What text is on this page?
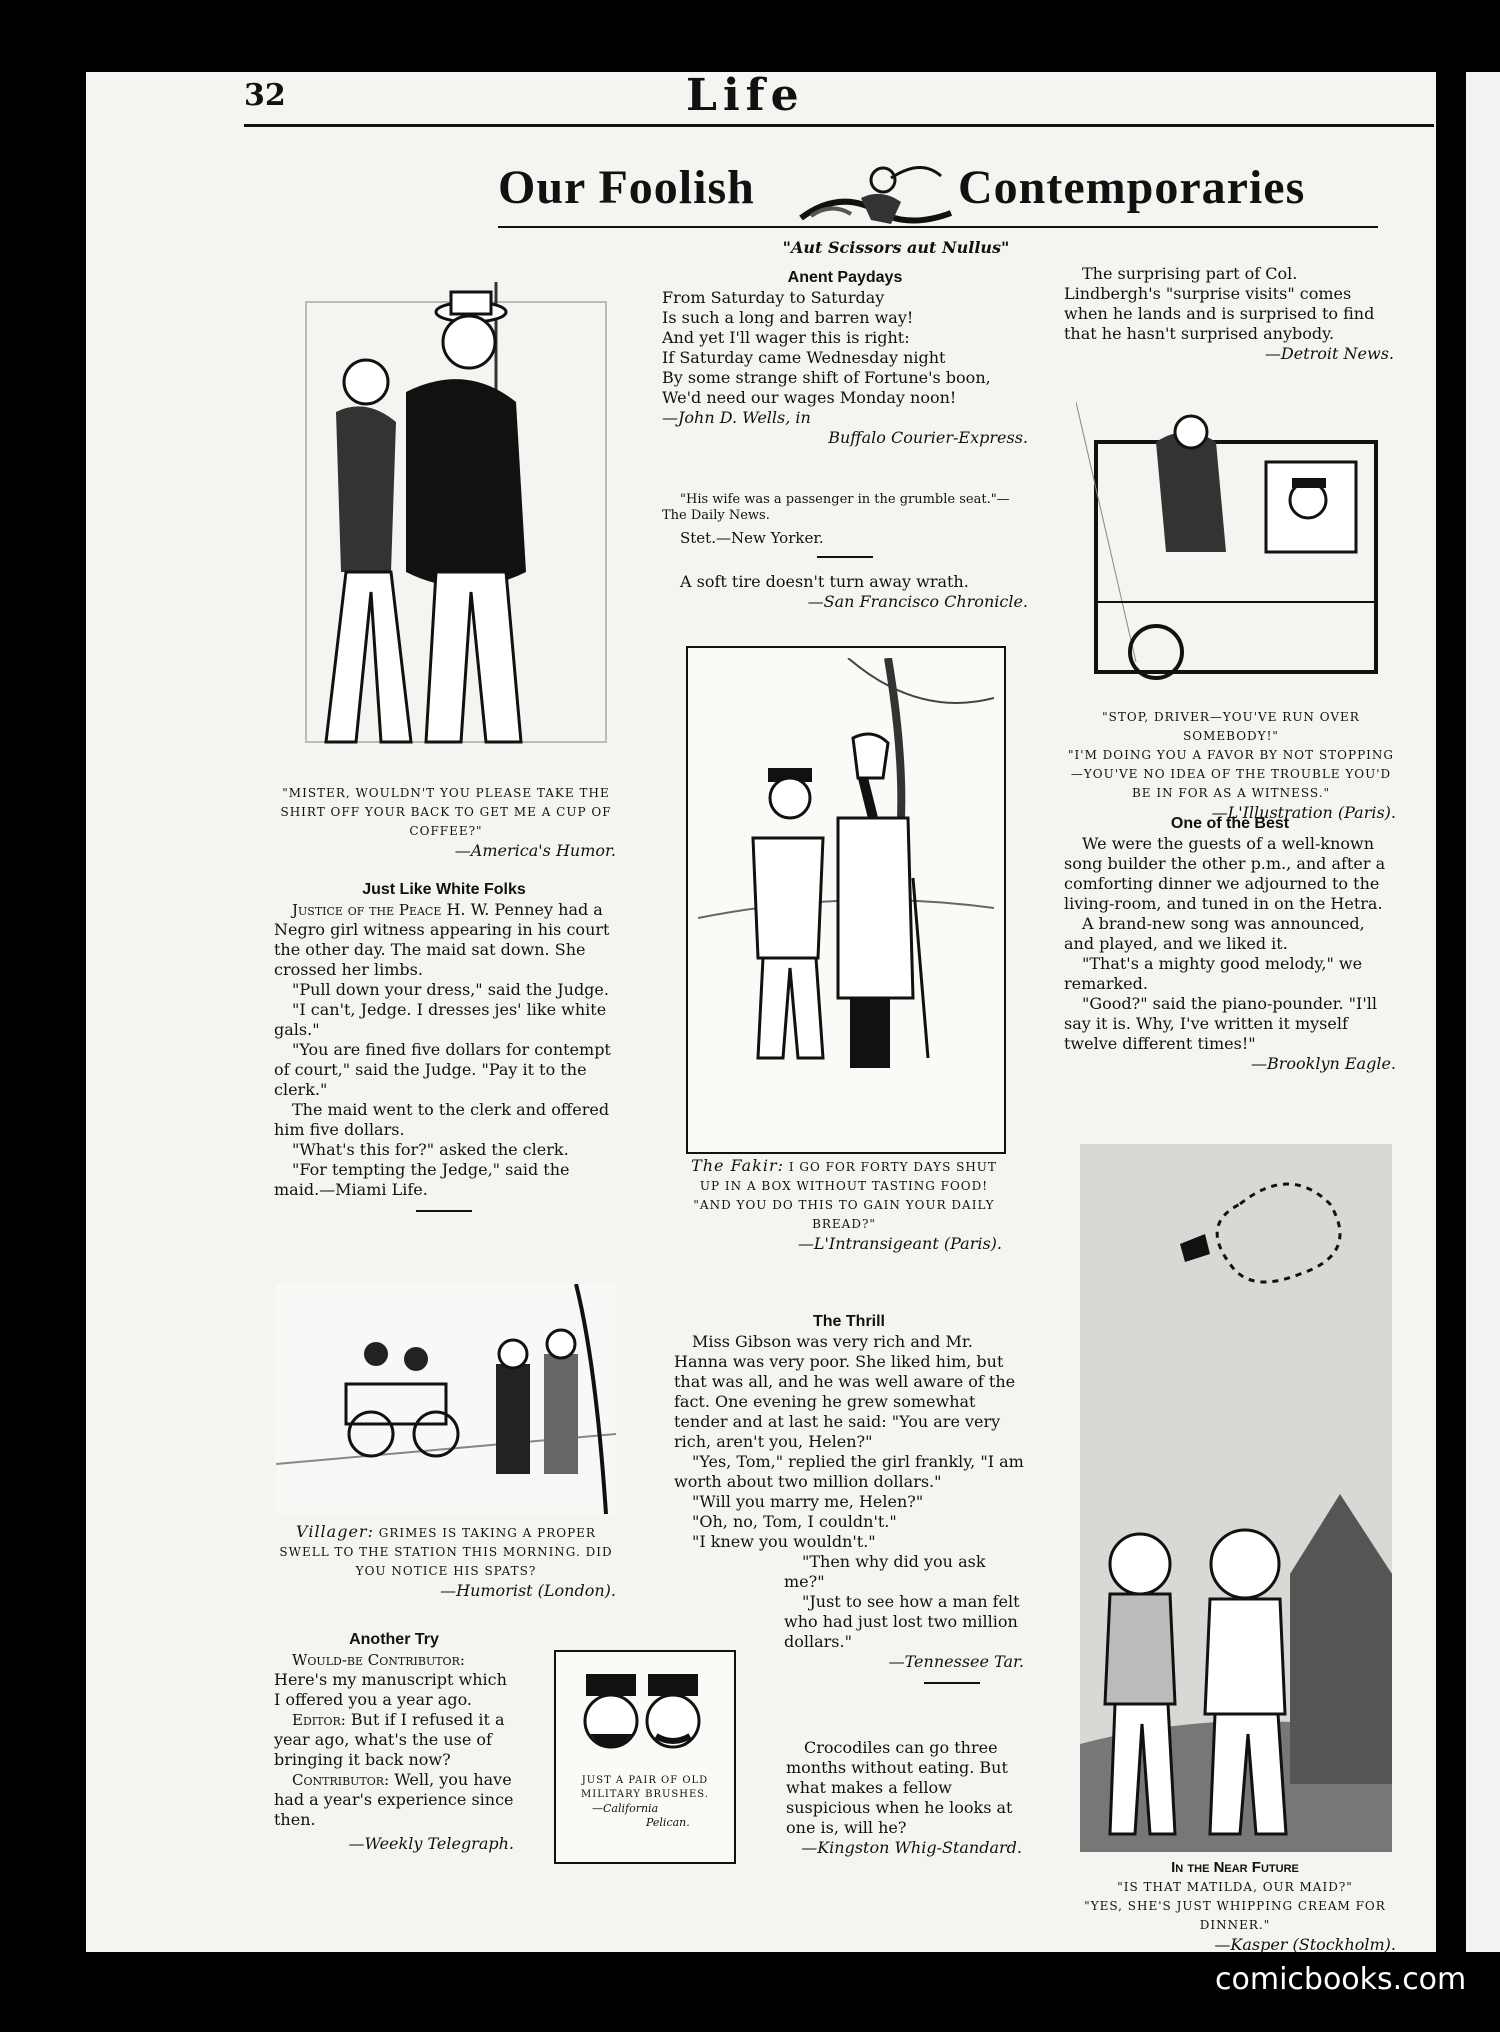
32	Life
Our Foolish	Contemporaries
"Aut Scissors aut Nullus"

"MISTER, WOULDN'T YOU PLEASE TAKE THE SHIRT OFF YOUR BACK TO GET ME A CUP OF COFFEE?"

—America's Humor.

Just Like White Folks

Justice of the Peace H. W. Penney had a Negro girl witness appearing in his court the other day. The maid sat down. She crossed her limbs.

"Pull down your dress," said the Judge.

"I can't, Jedge. I dresses jes' like white gals."

"You are fined five dollars for contempt of court," said the Judge. "Pay it to the clerk."

The maid went to the clerk and offered him five dollars.

"What's this for?" asked the clerk.

"For tempting the Jedge," said the maid.—Miami Life.

Villager: GRIMES IS TAKING A PROPER SWELL TO THE STATION THIS MORNING. DID YOU NOTICE HIS SPATS?

—Humorist (London).

Another Try

Would-be Contributor: Here's my manuscript which I offered you a year ago.

Editor: But if I refused it a year ago, what's the use of bringing it back now?

Contributor: Well, you have had a year's experience since then.

—Weekly Telegraph.

JUST A PAIR OF OLD MILITARY BRUSHES.

—California

Pelican.

Anent Paydays

From Saturday to Saturday

Is such a long and barren way!

And yet I'll wager this is right:

If Saturday came Wednesday night

By some strange shift of Fortune's boon,

We'd need our wages Monday noon!

—John D. Wells, in

Buffalo Courier-Express.

"His wife was a passenger in the grumble seat."—The Daily News.

Stet.—New Yorker.

A soft tire doesn't turn away wrath.

—San Francisco Chronicle.

The Fakir: I GO FOR FORTY DAYS SHUT UP IN A BOX WITHOUT TASTING FOOD!

"AND YOU DO THIS TO GAIN YOUR DAILY BREAD?"

—L'Intransigeant (Paris).

The Thrill

Miss Gibson was very rich and Mr. Hanna was very poor. She liked him, but that was all, and he was well aware of the fact. One evening he grew somewhat tender and at last he said: "You are very rich, aren't you, Helen?"

"Yes, Tom," replied the girl frankly, "I am worth about two million dollars."

"Will you marry me, Helen?"

"Oh, no, Tom, I couldn't."

"I knew you wouldn't."

"Then why did you ask me?"

"Just to see how a man felt who had just lost two million dollars."

—Tennessee Tar.

Crocodiles can go three months without eating. But what makes a fellow suspicious when he looks at one is, will he?

—Kingston Whig-Standard.

The surprising part of Col. Lindbergh's "surprise visits" comes when he lands and is surprised to find that he hasn't surprised anybody.

—Detroit News.

"STOP, DRIVER—YOU'VE RUN OVER SOMEBODY!"

"I'M DOING YOU A FAVOR BY NOT STOPPING—YOU'VE NO IDEA OF THE TROUBLE YOU'D BE IN FOR AS A WITNESS."

—L'Illustration (Paris).

One of the Best

We were the guests of a well-known song builder the other p.m., and after a comforting dinner we adjourned to the living-room, and tuned in on the Hetra.

A brand-new song was announced, and played, and we liked it.

"That's a mighty good melody," we remarked.

"Good?" said the piano-pounder. "I'll say it is. Why, I've written it myself twelve different times!"

—Brooklyn Eagle.

In the Near Future

"IS THAT MATILDA, OUR MAID?"

"YES, SHE'S JUST WHIPPING CREAM FOR DINNER."

—Kasper (Stockholm).

comicbooks.com
